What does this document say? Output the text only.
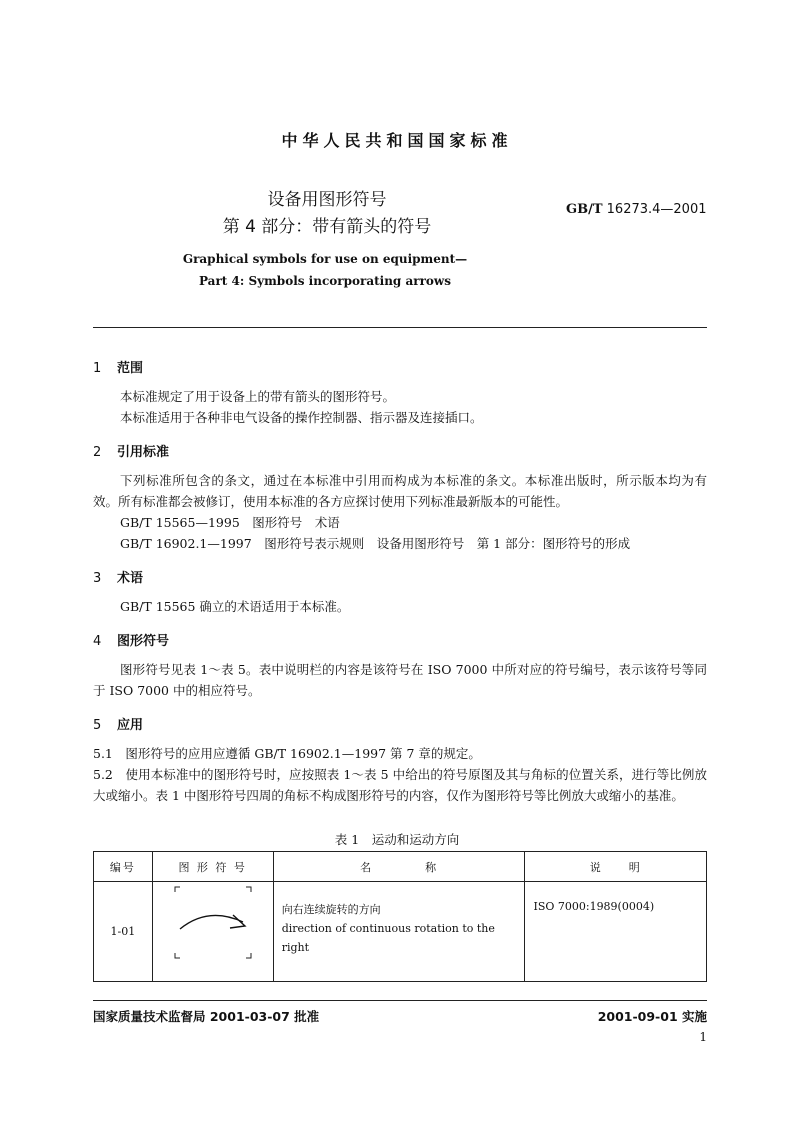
中华人民共和国国家标准
设备用图形符号
第 4 部分：带有箭头的符号
GB/T 16273.4—2001
Graphical symbols for use on equipment—
Part 4: Symbols incorporating arrows
1 范围
本标准规定了用于设备上的带有箭头的图形符号。
本标准适用于各种非电气设备的操作控制器、指示器及连接插口。
2 引用标准
下列标准所包含的条文，通过在本标准中引用而构成为本标准的条文。本标准出版时，所示版本均为有效。所有标准都会被修订，使用本标准的各方应探讨使用下列标准最新版本的可能性。
GB/T 15565—1995　图形符号　术语
GB/T 16902.1—1997　图形符号表示规则　设备用图形符号　第 1 部分：图形符号的形成
3 术语
GB/T 15565 确立的术语适用于本标准。
4 图形符号
图形符号见表 1～表 5。表中说明栏的内容是该符号在 ISO 7000 中所对应的符号编号，表示该符号等同于 ISO 7000 中的相应符号。
5 应用
5.1　图形符号的应用应遵循 GB/T 16902.1—1997 第 7 章的规定。
5.2　使用本标准中的图形符号时，应按照表 1～表 5 中给出的符号原图及其与角标的位置关系，进行等比例放大或缩小。表 1 中图形符号四周的角标不构成图形符号的内容，仅作为图形符号等比例放大或缩小的基准。
表 1　运动和运动方向
编号	图 形 符 号	名　　　　称	说　　明
1-01		向右连续旋转的方向
direction of continuous rotation to the right	ISO 7000:1989(0004)
国家质量技术监督局 2001-03-07 批准	2001-09-01 实施
1
